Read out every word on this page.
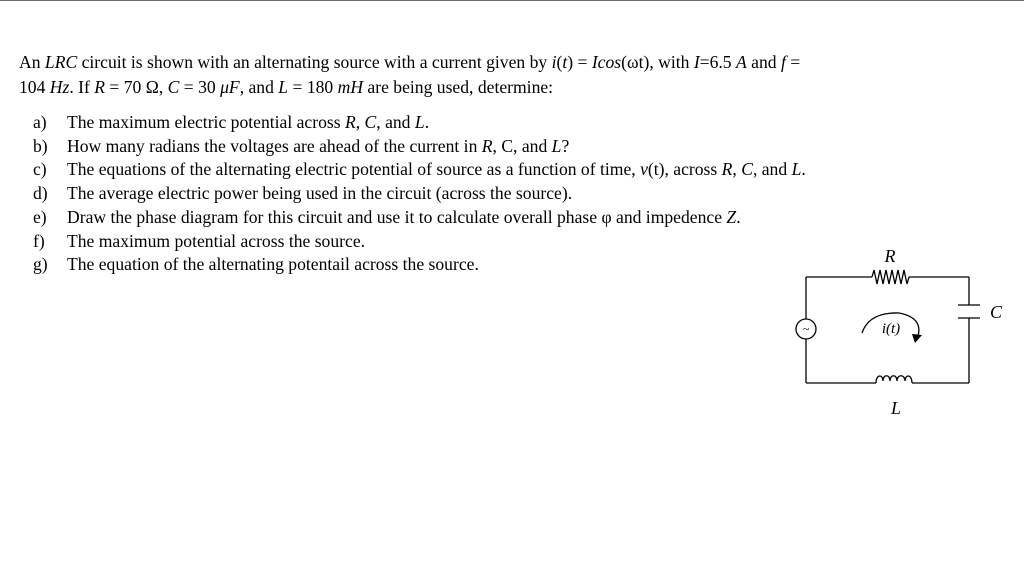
An LRC circuit is shown with an alternating source with a current given by i(t) = Icos(ωt), with I=6.5 A and f =
104 Hz. If R = 70 Ω, C = 30 μF, and L = 180 mH are being used, determine:
a)	The maximum electric potential across R, C, and L.
b)	How many radians the voltages are ahead of the current in R, C, and L?
c)	The equations of the alternating electric potential of source as a function of time, v(t), across R, C, and L.
d)	The average electric power being used in the circuit (across the source).
e)	Draw the phase diagram for this circuit and use it to calculate overall phase φ and impedence Z.
f)	The maximum potential across the source.
g)	The equation of the alternating potentail across the source.
~
R
C
L
i(t)
